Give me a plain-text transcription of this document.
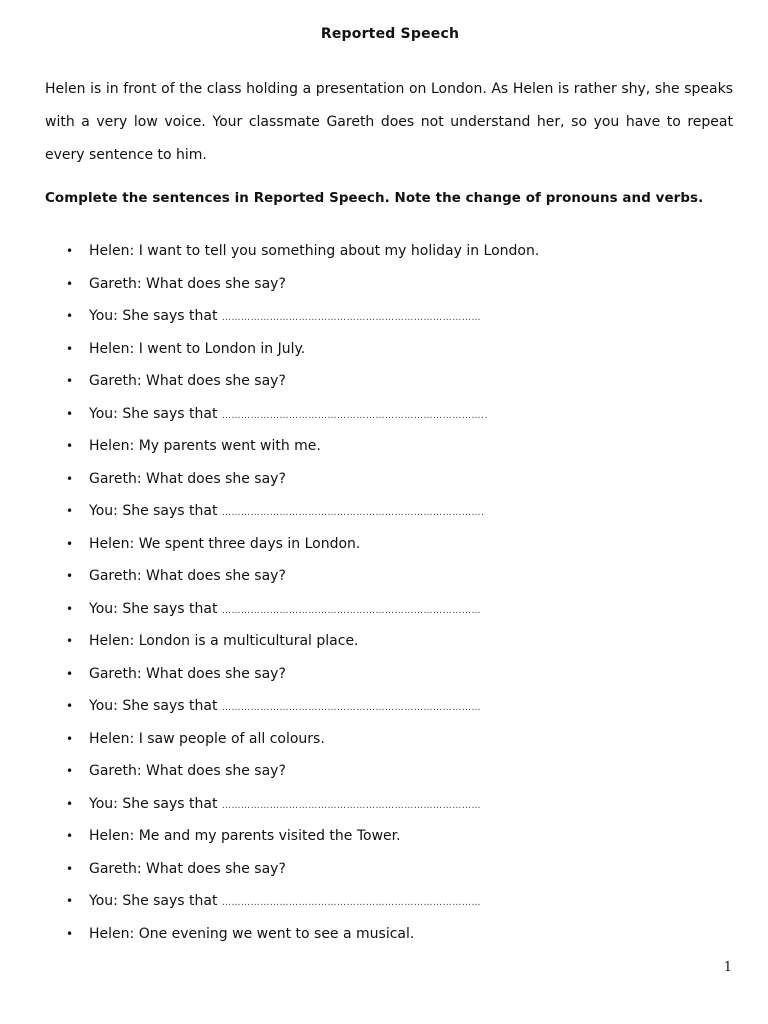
Reported Speech

Helen is in front of the class holding a presentation on London. As Helen is rather shy, she speaks with a very low voice. Your classmate Gareth does not understand her, so you have to repeat every sentence to him.

Complete the sentences in Reported Speech. Note the change of pronouns and verbs.

• Helen: I want to tell you something about my holiday in London.
• Gareth: What does she say?
• You: She says that ………………………………………………………………………
• Helen: I went to London in July.
• Gareth: What does she say?
• You: She says that ………………………………………………………………………..
• Helen: My parents went with me.
• Gareth: What does she say?
• You: She says that ……………………………………………………………………….
• Helen: We spent three days in London.
• Gareth: What does she say?
• You: She says that ………………………………………………………………………
• Helen: London is a multicultural place.
• Gareth: What does she say?
• You: She says that ………………………………………………………………………
• Helen: I saw people of all colours.
• Gareth: What does she say?
• You: She says that ………………………………………………………………………
• Helen: Me and my parents visited the Tower.
• Gareth: What does she say?
• You: She says that ………………………………………………………………………
• Helen: One evening we went to see a musical.
1
